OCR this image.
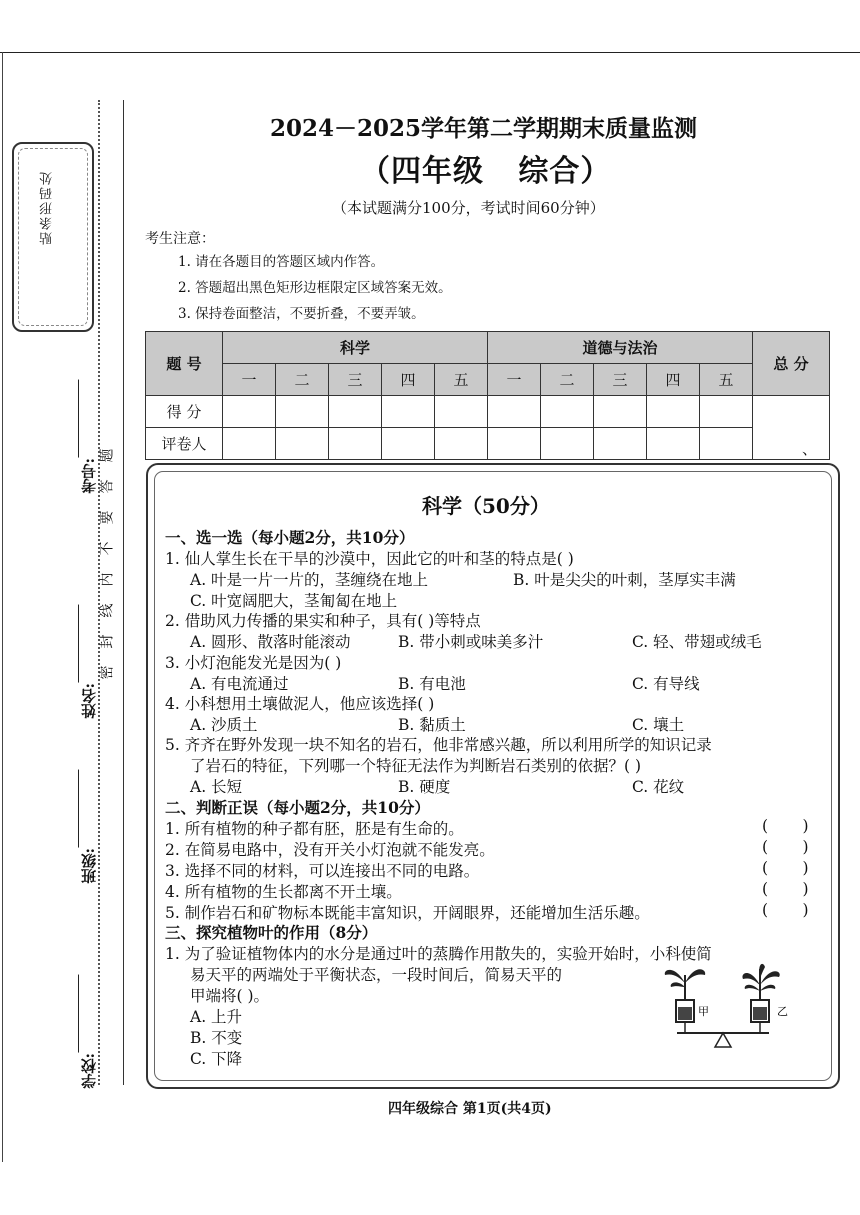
贴条形码处
学校:
班级:
姓名:
考号:
题
答
要
不
内
线
封
密
2024－2025学年第二学期期末质量监测
（四年级   综合）
（本试题满分100分，考试时间60分钟）
考生注意：
1. 请在各题目的答题区域内作答。
2. 答题超出黑色矩形边框限定区域答案无效。
3. 保持卷面整洁，不要折叠，不要弄皱。
题 号	科学					道德与法治					总 分
	一	二	三	四	五	一	二	三	四	五	
得 分											、
评卷人											
科学（50分）
一、选一选（每小题2分，共10分）
1. 仙人掌生长在干旱的沙漠中，因此它的叶和茎的特点是( )
A. 叶是一片一片的，茎缠绕在地上	B. 叶是尖尖的叶刺，茎厚实丰满
C. 叶宽阔肥大，茎匍匐在地上
2. 借助风力传播的果实和种子，具有( )等特点
A. 圆形、散落时能滚动	B. 带小刺或味美多汁	C. 轻、带翅或绒毛
3. 小灯泡能发光是因为( )
A. 有电流通过	B. 有电池	C. 有导线
4. 小科想用土壤做泥人，他应该选择( )
A. 沙质土	B. 黏质土	C. 壤土
5. 齐齐在野外发现一块不知名的岩石，他非常感兴趣，所以利用所学的知识记录
了岩石的特征，下列哪一个特征无法作为判断岩石类别的依据？( )
A. 长短	B. 硬度	C. 花纹
二、判断正误（每小题2分，共10分）
1. 所有植物的种子都有胚，胚是有生命的。	(       )
2. 在简易电路中，没有开关小灯泡就不能发亮。	(       )
3. 选择不同的材料，可以连接出不同的电路。	(       )
4. 所有植物的生长都离不开土壤。	(       )
5. 制作岩石和矿物标本既能丰富知识，开阔眼界，还能增加生活乐趣。	(       )
三、探究植物叶的作用（8分）
1. 为了验证植物体内的水分是通过叶的蒸腾作用散失的，实验开始时，小科使简
易天平的两端处于平衡状态，一段时间后，简易天平的
甲端将( )。
A. 上升
B. 不变
C. 下降
甲	乙
四年级综合 第1页(共4页)
